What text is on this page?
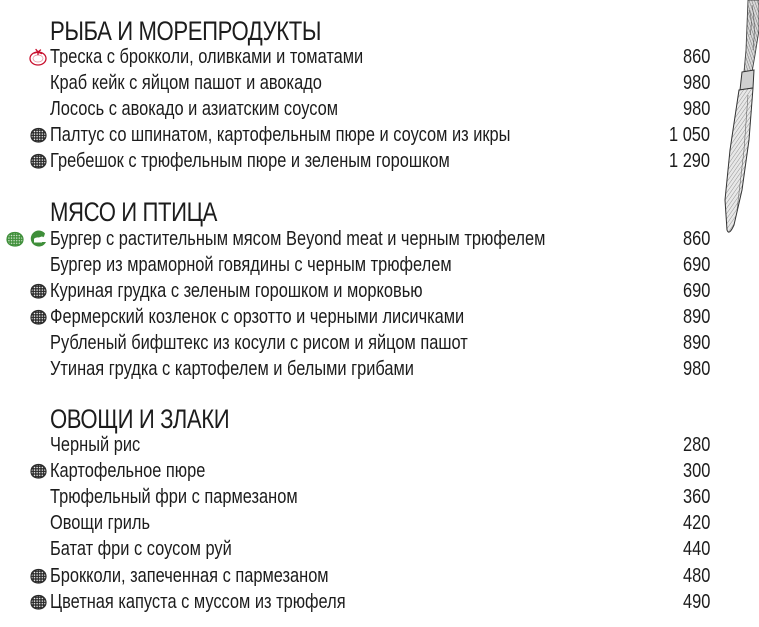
РЫБА И МОРЕПРОДУКТЫ
Треска с брокколи, оливками и томатами	860
Краб кейк с яйцом пашот и авокадо	980
Лосось с авокадо и азиатским соусом	980
Палтус со шпинатом, картофельным пюре и соусом из икры	1 050
Гребешок с трюфельным пюре и зеленым горошком	1 290
МЯСО И ПТИЦА
Бургер с растительным мясом Beyond meat и черным трюфелем	860
Бургер из мраморной говядины с черным трюфелем	690
Куриная грудка с зеленым горошком и морковью	690
Фермерский козленок с орзотто и черными лисичками	890
Рубленый бифштекс из косули с рисом и яйцом пашот	890
Утиная грудка с картофелем и белыми грибами	980
ОВОЩИ И ЗЛАКИ
Черный рис	280
Картофельное пюре	300
Трюфельный фри с пармезаном	360
Овощи гриль	420
Батат фри с соусом руй	440
Брокколи, запеченная с пармезаном	480
Цветная капуста с муссом из трюфеля	490
